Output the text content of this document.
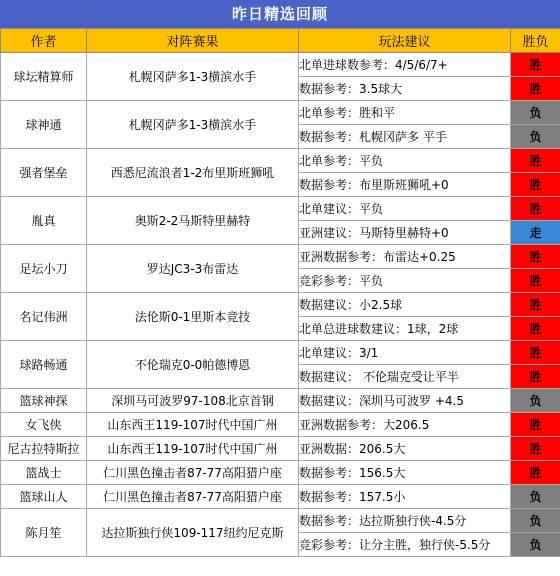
昨日精选回顾
作者	对阵赛果	玩法建议	胜负
球坛精算师	札幌冈萨多1-3横滨水手	北单进球数参考：4/5/6/7+	胜
		数据参考：3.5球大	胜
球神通	札幌冈萨多1-3横滨水手	北单参考：胜和平	负
		数据参考：札幌冈萨多 平手	负
强者堡垒	西悉尼流浪者1-2布里斯班狮吼	北单参考：平负	胜
		数据参考：布里斯班狮吼+0	胜
胤真	奥斯2-2马斯特里赫特	北单建议：平负	胜
		亚洲建议：马斯特里赫特+0	走
足坛小刀	罗达JC3-3布雷达	亚洲数据参考：布雷达+0.25	胜
		竞彩参考：平负	胜
名记伟洲	法伦斯0-1里斯本竞技	数据建议：小2.5球	胜
		北单总进球数建议：1球，2球	胜
球路畅通	不伦瑞克0-0帕德博恩	北单建议：3/1	胜
		数据建议： 不伦瑞克受让平半	胜
篮球神探	深圳马可波罗97-108北京首钢	数据建议：深圳马可波罗 +4.5	负
女飞侠	山东西王119-107时代中国广州	亚洲数据参考：大206.5	胜
尼古拉特斯拉	山东西王119-107时代中国广州	亚洲数据：206.5大	胜
篮战士	仁川黑色撞击者87-77高阳猎户座	数据参考：156.5大	胜
篮球山人	仁川黑色撞击者87-77高阳猎户座	数据参考：157.5小	负
陈月笙	达拉斯独行侠109-117纽约尼克斯	数据参考：达拉斯独行侠-4.5分	负
		竞彩参考：让分主胜，独行侠-5.5分	负
